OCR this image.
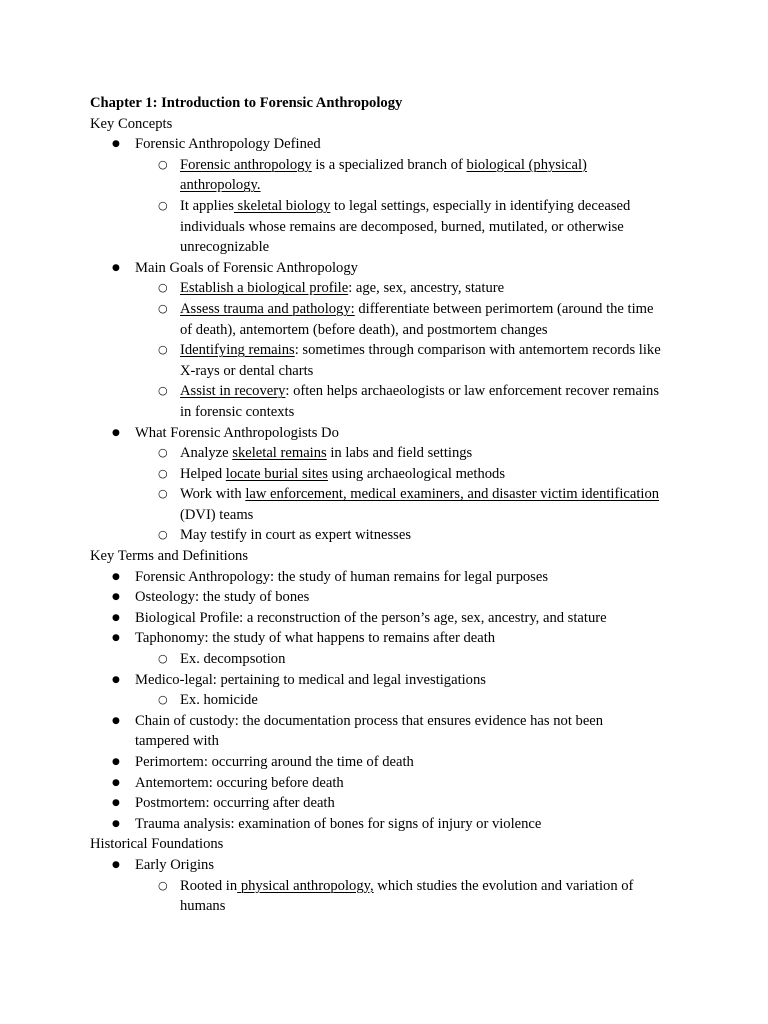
Chapter 1: Introduction to Forensic Anthropology
Key Concepts
● Forensic Anthropology Defined
○ Forensic anthropology is a specialized branch of biological (physical)
anthropology.
○ It applies skeletal biology to legal settings, especially in identifying deceased
individuals whose remains are decomposed, burned, mutilated, or otherwise
unrecognizable
● Main Goals of Forensic Anthropology
○ Establish a biological profile: age, sex, ancestry, stature
○ Assess trauma and pathology: differentiate between perimortem (around the time
of death), antemortem (before death), and postmortem changes
○ Identifying remains: sometimes through comparison with antemortem records like
X-rays or dental charts
○ Assist in recovery: often helps archaeologists or law enforcement recover remains
in forensic contexts
● What Forensic Anthropologists Do
○ Analyze skeletal remains in labs and field settings
○ Helped locate burial sites using archaeological methods
○ Work with law enforcement, medical examiners, and disaster victim identification
(DVI) teams
○ May testify in court as expert witnesses
Key Terms and Definitions
● Forensic Anthropology: the study of human remains for legal purposes
● Osteology: the study of bones
● Biological Profile: a reconstruction of the person’s age, sex, ancestry, and stature
● Taphonomy: the study of what happens to remains after death
○ Ex. decompsotion
● Medico-legal: pertaining to medical and legal investigations
○ Ex. homicide
● Chain of custody: the documentation process that ensures evidence has not been
tampered with
● Perimortem: occurring around the time of death
● Antemortem: occuring before death
● Postmortem: occurring after death
● Trauma analysis: examination of bones for signs of injury or violence
Historical Foundations
● Early Origins
○ Rooted in physical anthropology, which studies the evolution and variation of
humans
